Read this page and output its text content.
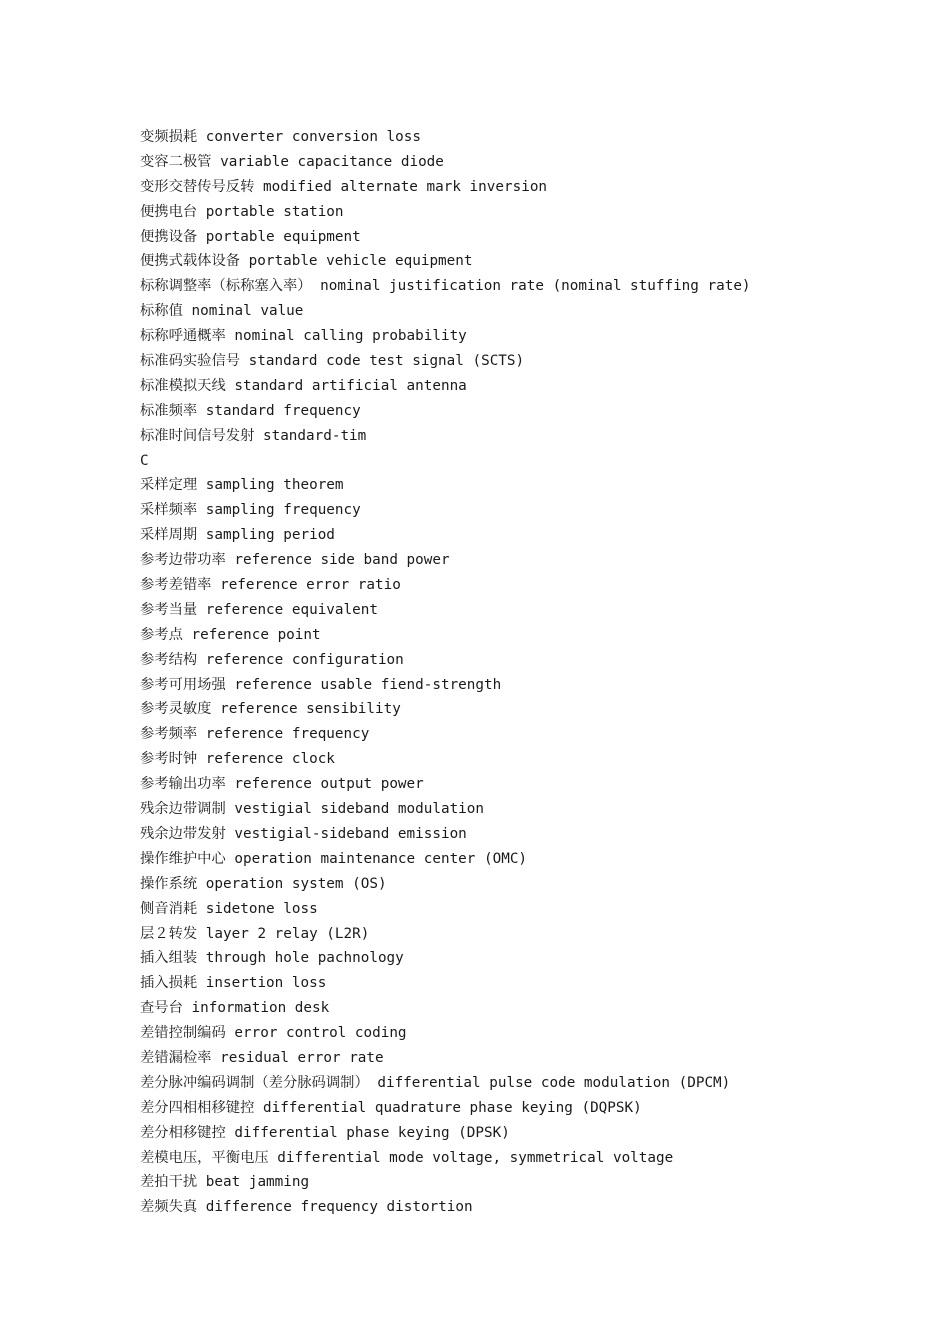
变频损耗 converter conversion loss
变容二极管 variable capacitance diode
变形交替传号反转 modified alternate mark inversion
便携电台 portable station
便携设备 portable equipment
便携式载体设备 portable vehicle equipment
标称调整率（标称塞入率） nominal justification rate (nominal stuffing rate)
标称值 nominal value
标称呼通概率 nominal calling probability
标准码实验信号 standard code test signal (SCTS)
标准模拟天线 standard artificial antenna
标准频率 standard frequency
标准时间信号发射 standard-tim
C
采样定理 sampling theorem
采样频率 sampling frequency
采样周期 sampling period
参考边带功率 reference side band power
参考差错率 reference error ratio
参考当量 reference equivalent
参考点 reference point
参考结构 reference configuration
参考可用场强 reference usable fiend-strength
参考灵敏度 reference sensibility
参考频率 reference frequency
参考时钟 reference clock
参考输出功率 reference output power
残余边带调制 vestigial sideband modulation
残余边带发射 vestigial-sideband emission
操作维护中心 operation maintenance center (OMC)
操作系统 operation system (OS)
侧音消耗 sidetone loss
层２转发 layer 2 relay (L2R)
插入组装 through hole pachnology
插入损耗 insertion loss
查号台 information desk
差错控制编码 error control coding
差错漏检率 residual error rate
差分脉冲编码调制（差分脉码调制） differential pulse code modulation (DPCM)
差分四相相移键控 differential quadrature phase keying (DQPSK)
差分相移键控 differential phase keying (DPSK)
差模电压，平衡电压 differential mode voltage, symmetrical voltage
差拍干扰 beat jamming
差频失真 difference frequency distortion
